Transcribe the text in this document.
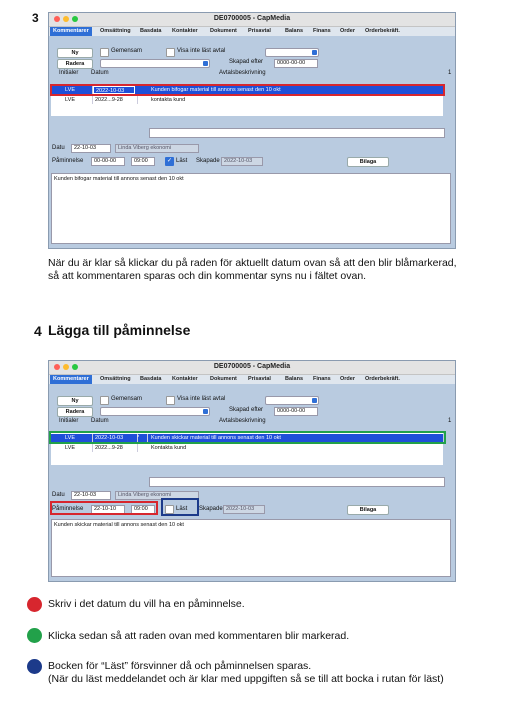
3	DE0700005 - CapMedia
Kommentarer	Omsättning Basdata Kontakter Dokument Prisavtal	Balans Finans Order Orderbekräft.
Ny	Gemensam	Visa inte läst avtal
Radera	Skapad efter	0000-00-00
Initialer Datum	Avtalsbeskrivning	1
LVE	2022-10-03	Kunden bifogar material till annons senast den 10 okt
LVE	2022...9-28	kontakta kund
Datu	22-10-03	Linda Viberg ekonomi
Påminnelse	00-00-00	09:00	✓ Läst Skapade 2022-10-03	Bilaga
Kunden bifogar material till annons senast den 10 okt
När du är klar så klickar du på raden för aktuellt datum ovan så att den blir blåmarkerad, så att kommentaren sparas och din kommentar syns nu i fältet ovan.
4 Lägga till påminnelse
DE0700005 - CapMedia
Kommentarer	Omsättning Basdata Kontakter Dokument Prisavtal	Balans Finans Order Orderbekräft.
Ny	Gemensam	Visa inte läst avtal
Radera	Skapad efter	0000-00-00
Initialer Datum	Avtalsbeskrivning	1
LVE	2022-10-03	*	Kunden skickar material till annons senast den 10 okt
LVE	2022...9-28	Kontakta kund
Datu	22-10-03	Linda Viberg ekonomi
Påminnelse	22-10-10	09:00	Läst Skapade 2022-10-03	Bilaga
Kunden skickar material till annons senast den 10 okt
Skriv i det datum du vill ha en påminnelse.
Klicka sedan så att raden ovan med kommentaren blir markerad.
Bocken för “Läst” försvinner då och påminnelsen sparas.
(När du läst meddelandet och är klar med uppgiften så se till att bocka i rutan för läst)
